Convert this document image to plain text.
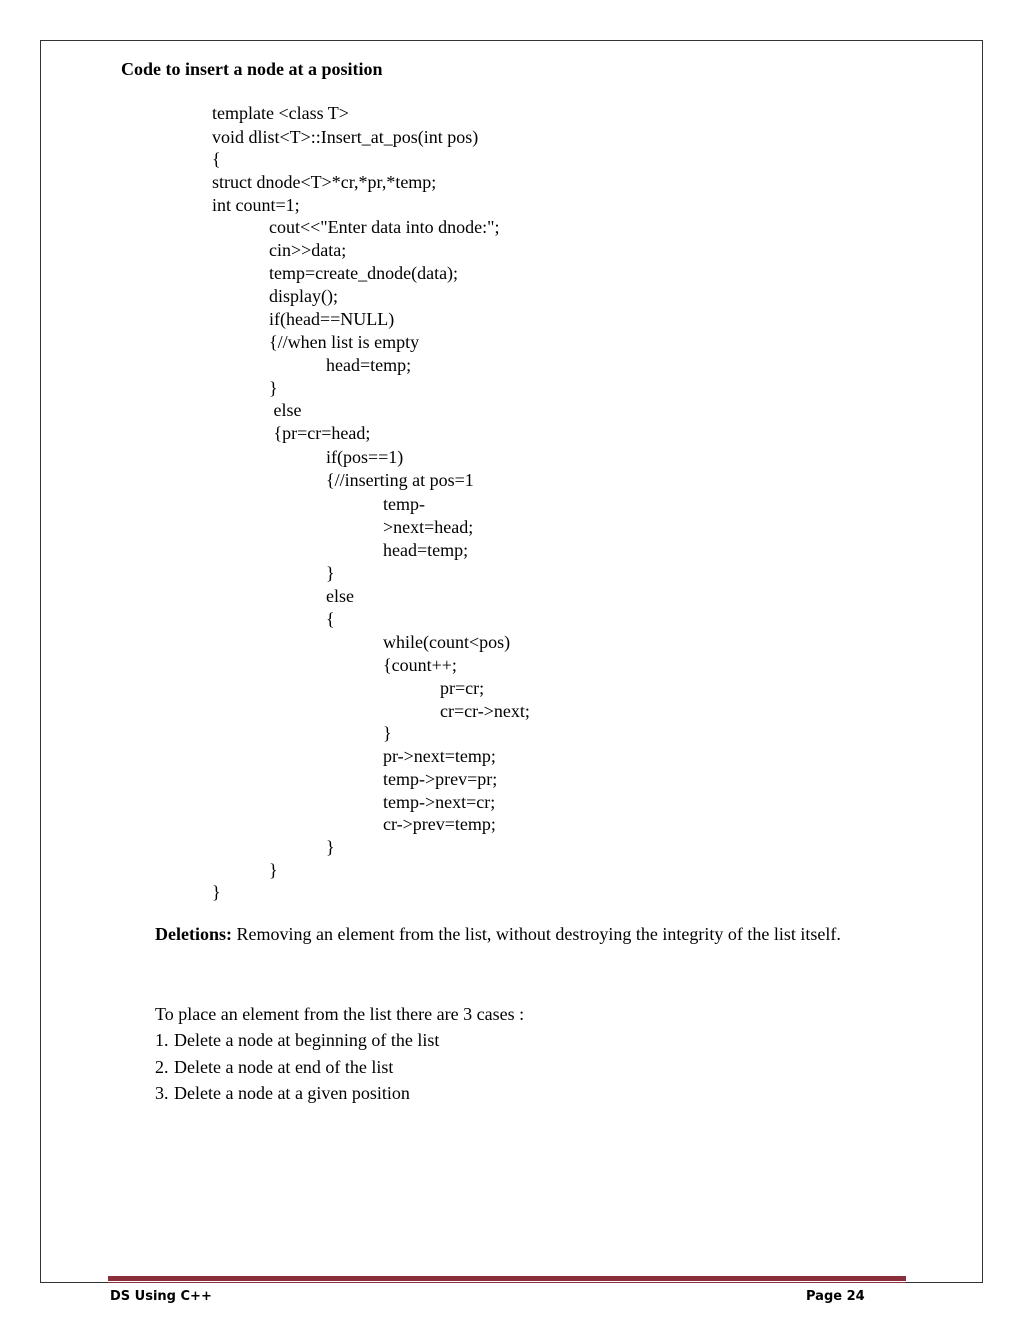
Code to insert a node at a position
template <class T>
void dlist<T>::Insert_at_pos(int pos)
{
struct dnode<T>*cr,*pr,*temp;
int count=1;
cout<<"Enter data into dnode:";
cin>>data;
temp=create_dnode(data);
display();
if(head==NULL)
{//when list is empty
head=temp;
}
else
{pr=cr=head;
if(pos==1)
{//inserting at pos=1
temp-
>next=head;
head=temp;
}
else
{
while(count<pos)
{count++;
pr=cr;
cr=cr->next;
}
pr->next=temp;
temp->prev=pr;
temp->next=cr;
cr->prev=temp;
}
}
}

Deletions: Removing an element from the list, without destroying the integrity of the list itself.

To place an element from the list there are 3 cases :

1. Delete a node at beginning of the list
2. Delete a node at end of the list
3. Delete a node at a given position
DS Using C++	Page 24
